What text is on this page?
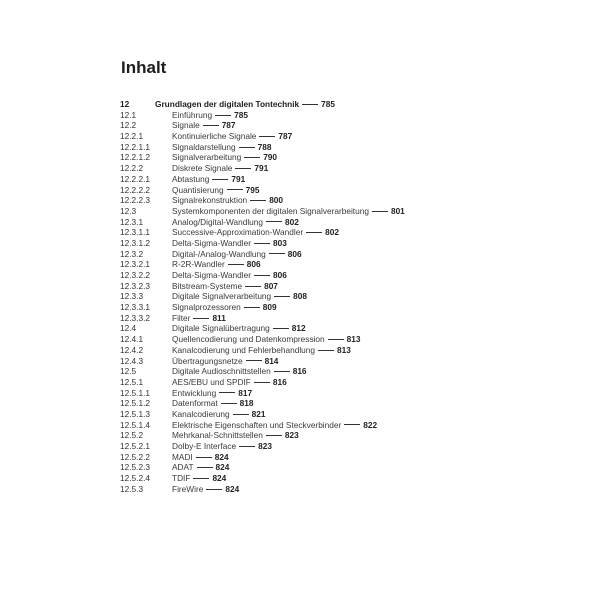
Inhalt
12	Grundlagen der digitalen Tontechnik	785
12.1	Einführung	785
12.2	Signale	787
12.2.1	Kontinuierliche Signale	787
12.2.1.1	Signaldarstellung	788
12.2.1.2	Signalverarbeitung	790
12.2.2	Diskrete Signale	791
12.2.2.1	Abtastung	791
12.2.2.2	Quantisierung	795
12.2.2.3	Signalrekonstruktion	800
12.3	Systemkomponenten der digitalen Signalverarbeitung	801
12.3.1	Analog/Digital-Wandlung	802
12.3.1.1	Successive-Approximation-Wandler	802
12.3.1.2	Delta-Sigma-Wandler	803
12.3.2	Digital-/Analog-Wandlung	806
12.3.2.1	R-2R-Wandler	806
12.3.2.2	Delta-Sigma-Wandler	806
12.3.2.3	Bitstream-Systeme	807
12.3.3	Digitale Signalverarbeitung	808
12.3.3.1	Signalprozessoren	809
12.3.3.2	Filter	811
12.4	Digitale Signalübertragung	812
12.4.1	Quellencodierung und Datenkompression	813
12.4.2	Kanalcodierung und Fehlerbehandlung	813
12.4.3	Übertragungsnetze	814
12.5	Digitale Audioschnittstellen	816
12.5.1	AES/EBU und SPDIF	816
12.5.1.1	Entwicklung	817
12.5.1.2	Datenformat	818
12.5.1.3	Kanalcodierung	821
12.5.1.4	Elektrische Eigenschaften und Steckverbinder	822
12.5.2	Mehrkanal-Schnittstellen	823
12.5.2.1	Dolby-E Interface	823
12.5.2.2	MADI	824
12.5.2.3	ADAT	824
12.5.2.4	TDIF	824
12.5.3	FireWire	824
